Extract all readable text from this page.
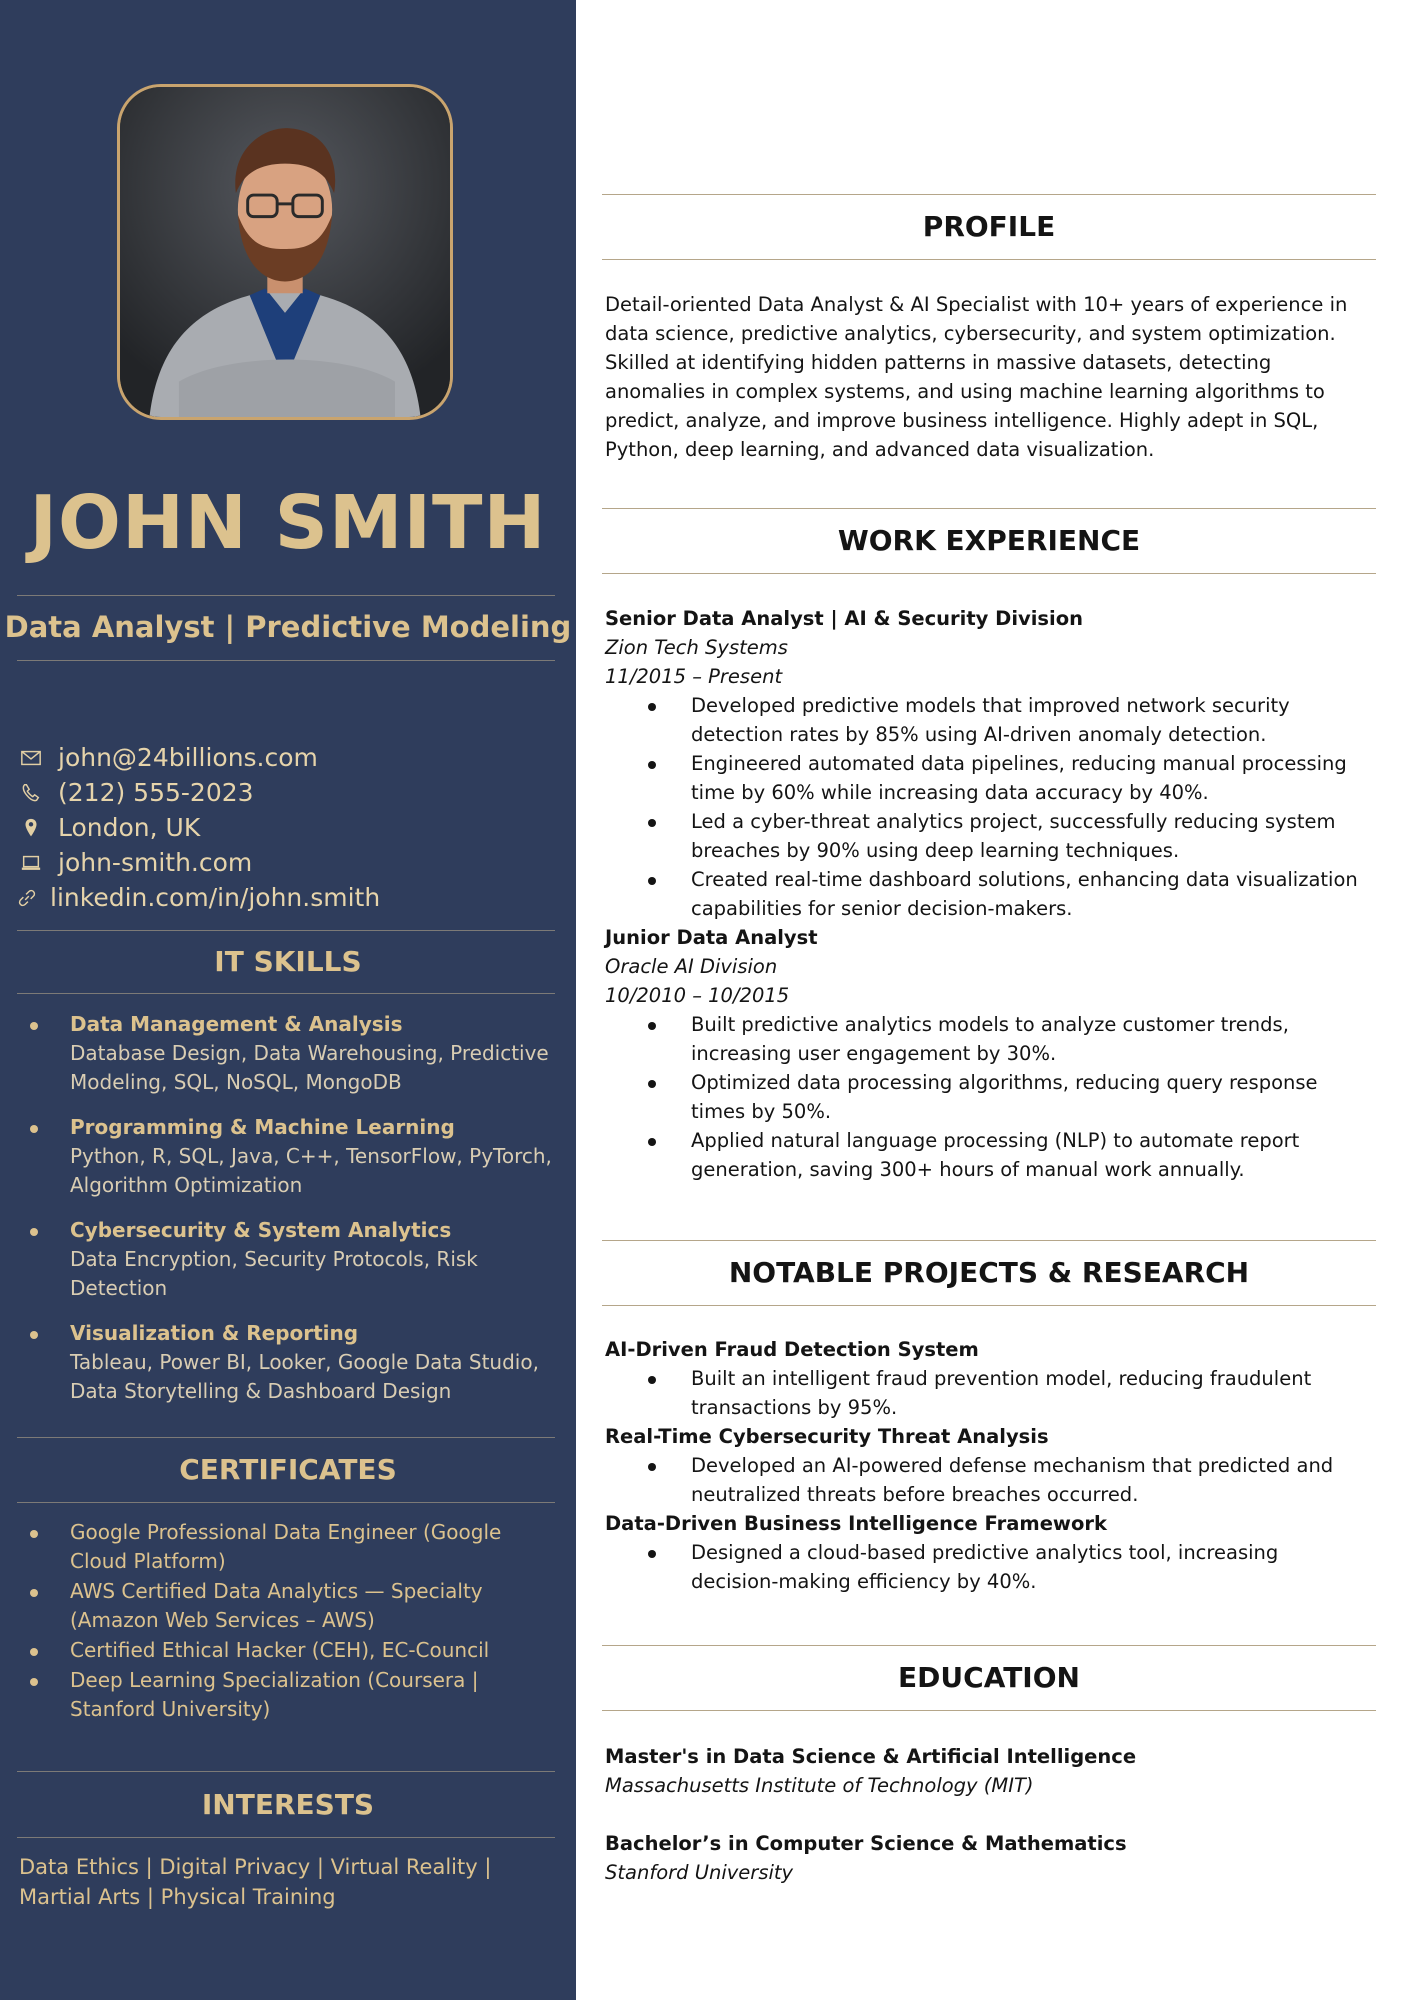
JOHN SMITH
Data Analyst | Predictive Modeling
john@24billions.com
(212) 555-2023
London, UK
john-smith.com
linkedin.com/in/john.smith
IT SKILLS
Data Management & Analysis
Database Design, Data Warehousing, Predictive Modeling, SQL, NoSQL, MongoDB
Programming & Machine Learning
Python, R, SQL, Java, C++, TensorFlow, PyTorch, Algorithm Optimization
Cybersecurity & System Analytics
Data Encryption, Security Protocols, Risk Detection
Visualization & Reporting
Tableau, Power BI, Looker, Google Data Studio, Data Storytelling & Dashboard Design
CERTIFICATES
Google Professional Data Engineer (Google Cloud Platform)
AWS Certified Data Analytics — Specialty (Amazon Web Services – AWS)
Certified Ethical Hacker (CEH), EC-Council
Deep Learning Specialization (Coursera | Stanford University)
INTERESTS
Data Ethics | Digital Privacy | Virtual Reality | Martial Arts | Physical Training
PROFILE
Detail-oriented Data Analyst & AI Specialist with 10+ years of experience in data science, predictive analytics, cybersecurity, and system optimization. Skilled at identifying hidden patterns in massive datasets, detecting anomalies in complex systems, and using machine learning algorithms to predict, analyze, and improve business intelligence. Highly adept in SQL, Python, deep learning, and advanced data visualization.
WORK EXPERIENCE
Senior Data Analyst | AI & Security Division
Zion Tech Systems
11/2015 – Present
Developed predictive models that improved network security detection rates by 85% using AI-driven anomaly detection.
Engineered automated data pipelines, reducing manual processing time by 60% while increasing data accuracy by 40%.
Led a cyber-threat analytics project, successfully reducing system breaches by 90% using deep learning techniques.
Created real-time dashboard solutions, enhancing data visualization capabilities for senior decision-makers.
Junior Data Analyst
Oracle AI Division
10/2010 – 10/2015
Built predictive analytics models to analyze customer trends, increasing user engagement by 30%.
Optimized data processing algorithms, reducing query response times by 50%.
Applied natural language processing (NLP) to automate report generation, saving 300+ hours of manual work annually.
NOTABLE PROJECTS & RESEARCH
AI-Driven Fraud Detection System
Built an intelligent fraud prevention model, reducing fraudulent transactions by 95%.
Real-Time Cybersecurity Threat Analysis
Developed an AI-powered defense mechanism that predicted and neutralized threats before breaches occurred.
Data-Driven Business Intelligence Framework
Designed a cloud-based predictive analytics tool, increasing decision-making efficiency by 40%.
EDUCATION
Master's in Data Science & Artificial Intelligence
Massachusetts Institute of Technology (MIT)
Bachelor’s in Computer Science & Mathematics
Stanford University
